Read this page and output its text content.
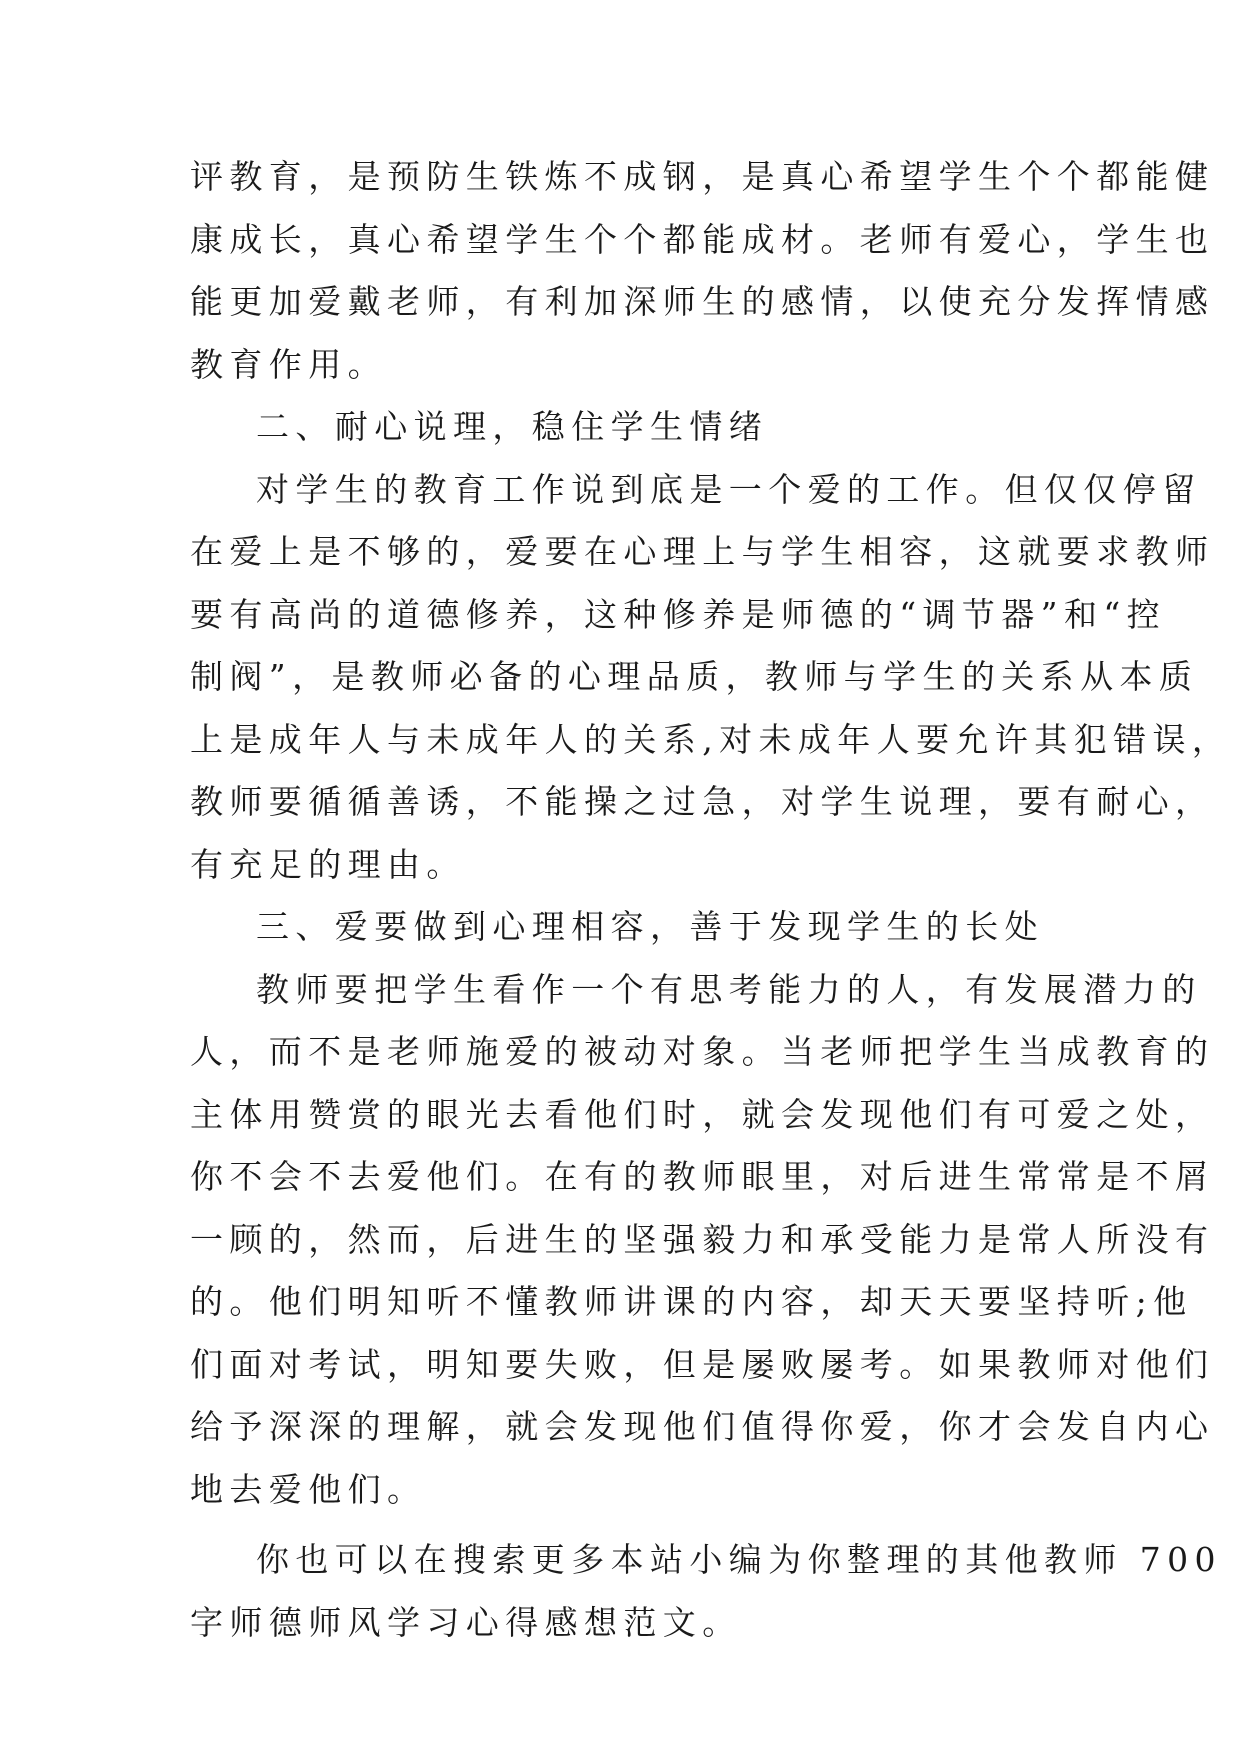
评教育，是预防生铁炼不成钢，是真心希望学生个个都能健
康成长，真心希望学生个个都能成材。老师有爱心，学生也
能更加爱戴老师，有利加深师生的感情，以使充分发挥情感
教育作用。
二、耐心说理，稳住学生情绪
对学生的教育工作说到底是一个爱的工作。但仅仅停留
在爱上是不够的，爱要在心理上与学生相容，这就要求教师
要有高尚的道德修养，这种修养是师德的“调节器”和“控
制阀”，是教师必备的心理品质，教师与学生的关系从本质
上是成年人与未成年人的关系,对未成年人要允许其犯错误，
教师要循循善诱，不能操之过急，对学生说理，要有耐心，
有充足的理由。
三、爱要做到心理相容，善于发现学生的长处
教师要把学生看作一个有思考能力的人，有发展潜力的
人，而不是老师施爱的被动对象。当老师把学生当成教育的
主体用赞赏的眼光去看他们时，就会发现他们有可爱之处，
你不会不去爱他们。在有的教师眼里，对后进生常常是不屑
一顾的，然而，后进生的坚强毅力和承受能力是常人所没有
的。他们明知听不懂教师讲课的内容，却天天要坚持听;他
们面对考试，明知要失败，但是屡败屡考。如果教师对他们
给予深深的理解，就会发现他们值得你爱，你才会发自内心
地去爱他们。
你也可以在搜索更多本站小编为你整理的其他教师 700
字师德师风学习心得感想范文。
